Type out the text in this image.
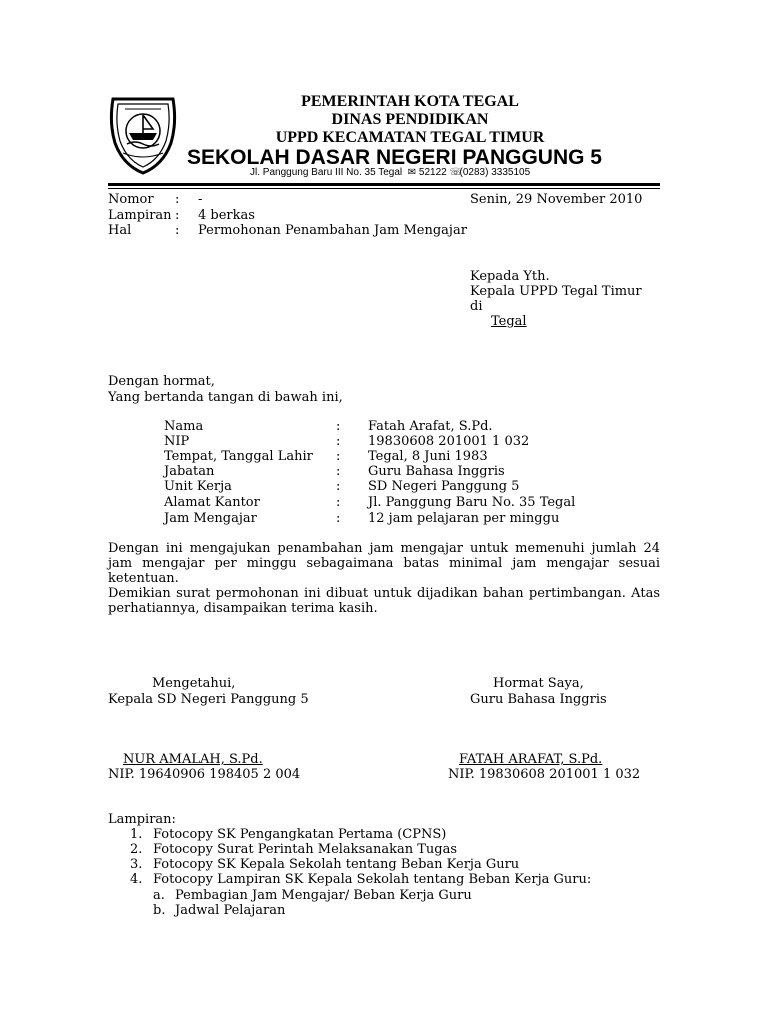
PEMERINTAH KOTA TEGAL
DINAS PENDIDIKAN
UPPD KECAMATAN TEGAL TIMUR
SEKOLAH DASAR NEGERI PANGGUNG 5
Jl. Panggung Baru III No. 35 Tegal ✉ 52122 ☏(0283) 3335105
Nomor : -	Senin, 29 November 2010
Lampiran : 4 berkas
Hal	: Permohonan Penambahan Jam Mengajar
Kepada Yth.
Kepala UPPD Tegal Timur
di
Tegal
Dengan hormat,
Yang bertanda tangan di bawah ini,
Nama	: Fatah Arafat, S.Pd.
NIP	: 19830608 201001 1 032
Tempat, Tanggal Lahir : Tegal, 8 Juni 1983
Jabatan	: Guru Bahasa Inggris
Unit Kerja	: SD Negeri Panggung 5
Alamat Kantor	: Jl. Panggung Baru No. 35 Tegal
Jam Mengajar	: 12 jam pelajaran per minggu
Dengan ini mengajukan penambahan jam mengajar untuk memenuhi jumlah 24 jam mengajar per minggu sebagaimana batas minimal jam mengajar sesuai ketentuan.
Demikian surat permohonan ini dibuat untuk dijadikan bahan pertimbangan. Atas perhatiannya, disampaikan terima kasih.
Mengetahui,
Kepala SD Negeri Panggung 5
Hormat Saya,
Guru Bahasa Inggris
NUR AMALAH, S.Pd.
NIP. 19640906 198405 2 004
FATAH ARAFAT, S.Pd.
NIP. 19830608 201001 1 032
Lampiran:
1. Fotocopy SK Pengangkatan Pertama (CPNS)
2. Fotocopy Surat Perintah Melaksanakan Tugas
3. Fotocopy SK Kepala Sekolah tentang Beban Kerja Guru
4. Fotocopy Lampiran SK Kepala Sekolah tentang Beban Kerja Guru:
a. Pembagian Jam Mengajar/ Beban Kerja Guru
b. Jadwal Pelajaran
